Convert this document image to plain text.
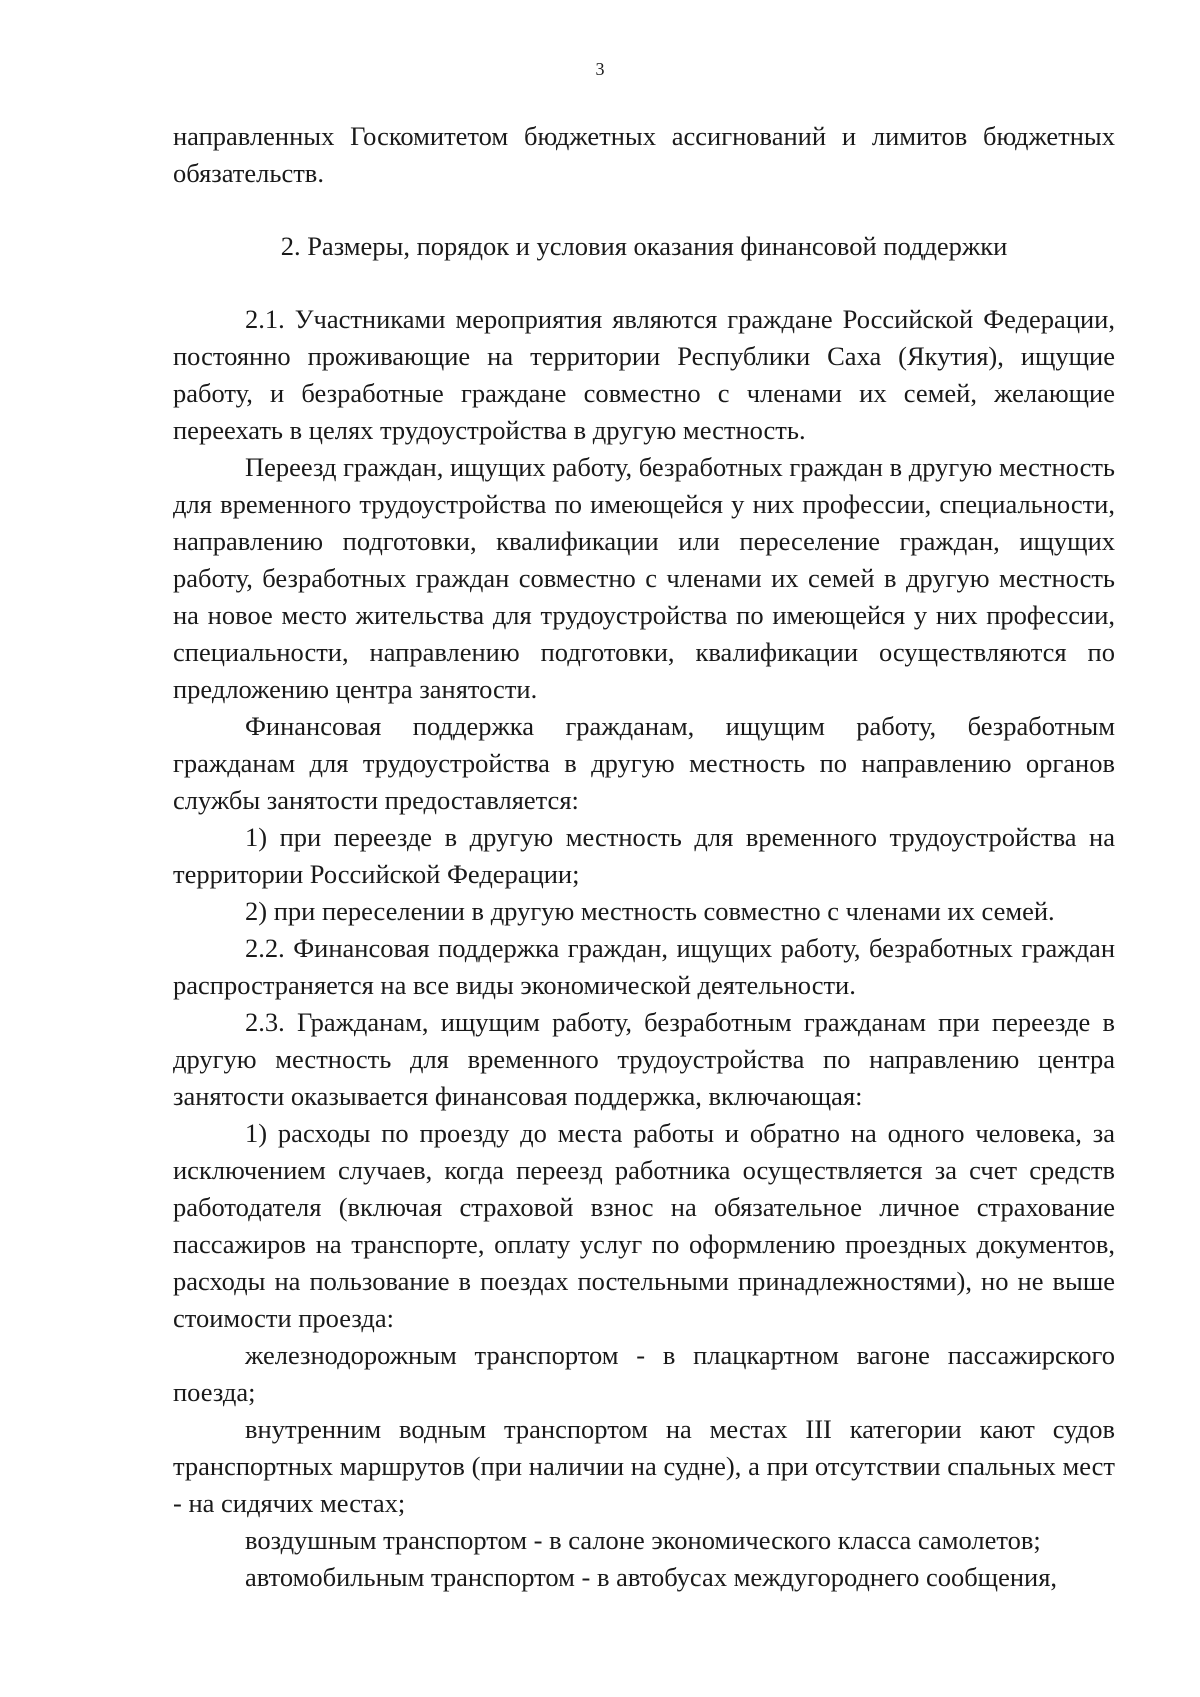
3

направленных Госкомитетом бюджетных ассигнований и лимитов бюджетных обязательств.

2. Размеры, порядок и условия оказания финансовой поддержки

2.1. Участниками мероприятия являются граждане Российской Федерации, постоянно проживающие на территории Республики Саха (Якутия), ищущие работу, и безработные граждане совместно с членами их семей, желающие переехать в целях трудоустройства в другую местность.

Переезд граждан, ищущих работу, безработных граждан в другую местность для временного трудоустройства по имеющейся у них профессии, специальности, направлению подготовки, квалификации или переселение граждан, ищущих работу, безработных граждан совместно с членами их семей в другую местность на новое место жительства для трудоустройства по имеющейся у них профессии, специальности, направлению подготовки, квалификации осуществляются по предложению центра занятости.

Финансовая поддержка гражданам, ищущим работу, безработным гражданам для трудоустройства в другую местность по направлению органов службы занятости предоставляется:

1) при переезде в другую местность для временного трудоустройства на территории Российской Федерации;

2) при переселении в другую местность совместно с членами их семей.

2.2. Финансовая поддержка граждан, ищущих работу, безработных граждан распространяется на все виды экономической деятельности.

2.3. Гражданам, ищущим работу, безработным гражданам при переезде в другую местность для временного трудоустройства по направлению центра занятости оказывается финансовая поддержка, включающая:

1) расходы по проезду до места работы и обратно на одного человека, за исключением случаев, когда переезд работника осуществляется за счет средств работодателя (включая страховой взнос на обязательное личное страхование пассажиров на транспорте, оплату услуг по оформлению проездных документов, расходы на пользование в поездах постельными принадлежностями), но не выше стоимости проезда:

железнодорожным транспортом - в плацкартном вагоне пассажирского поезда;

внутренним водным транспортом на местах III категории кают судов транспортных маршрутов (при наличии на судне), а при отсутствии спальных мест - на сидячих местах;

воздушным транспортом - в салоне экономического класса самолетов;

автомобильным транспортом - в автобусах междугороднего сообщения,
